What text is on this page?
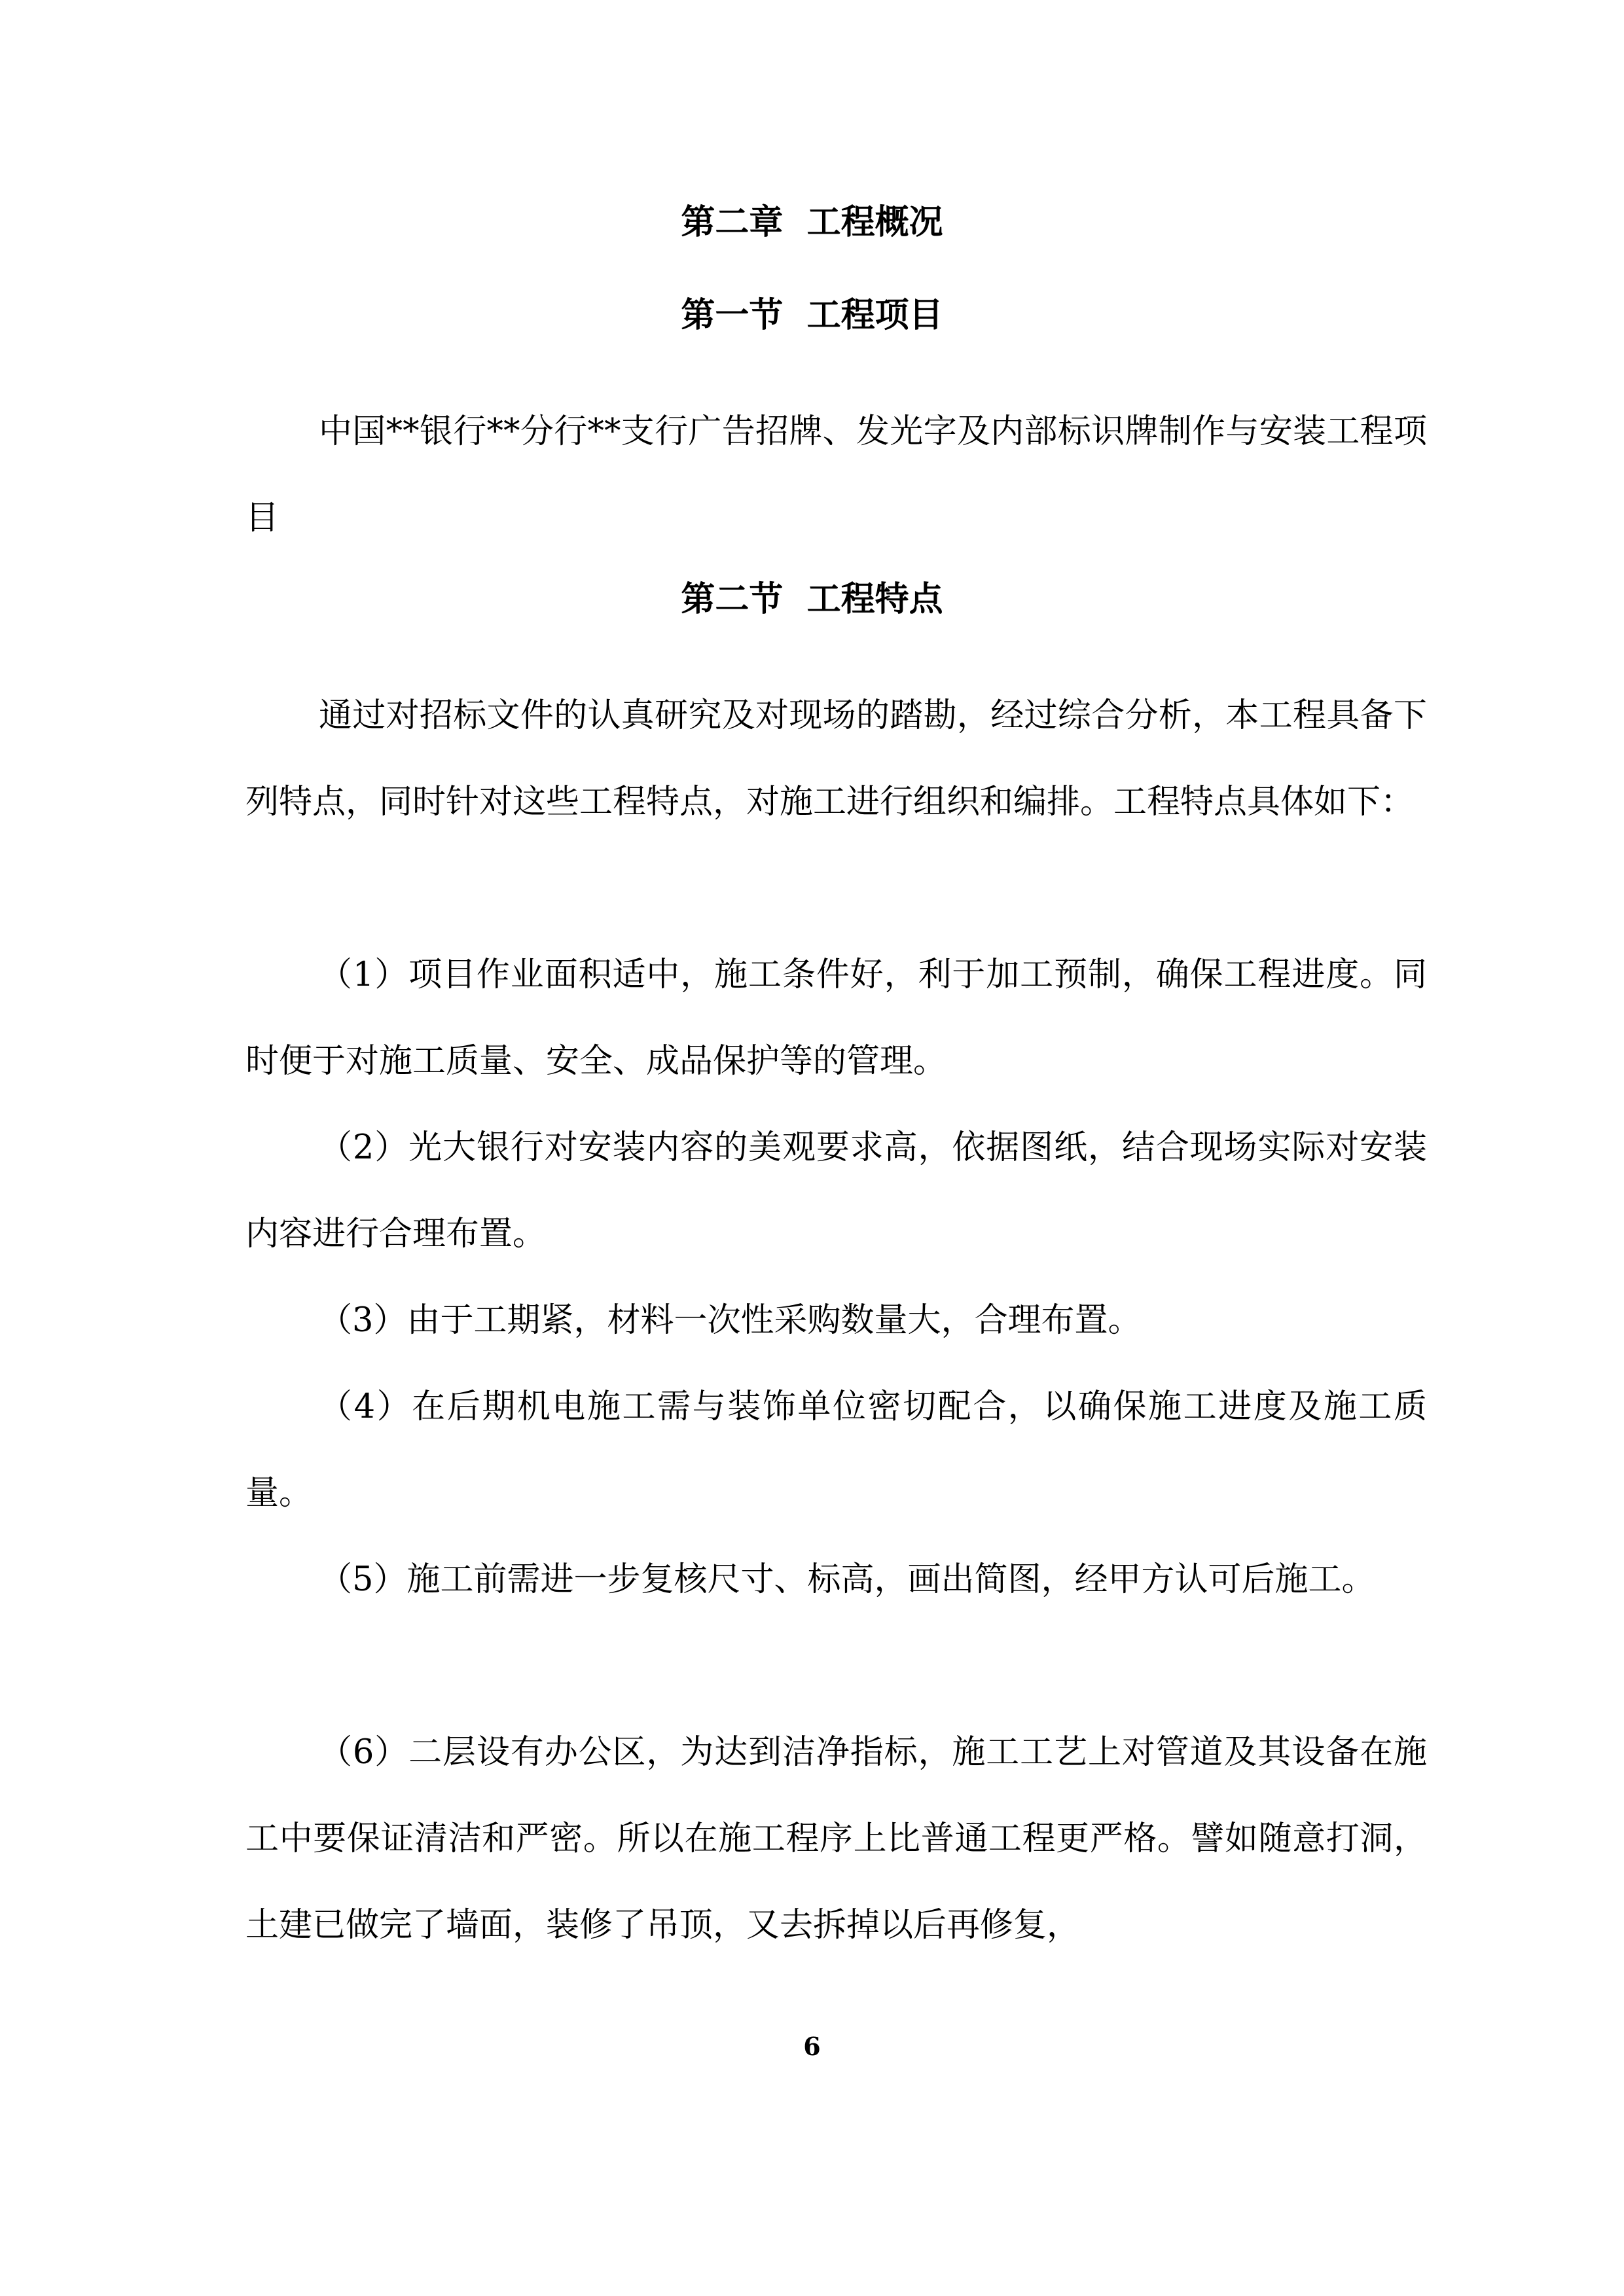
第二章  工程概况
第一节  工程项目
中国**银行**分行**支行广告招牌、发光字及内部标识牌制作与安装工程项目
第二节  工程特点
通过对招标文件的认真研究及对现场的踏勘，经过综合分析，本工程具备下列特点，同时针对这些工程特点，对施工进行组织和编排。工程特点具体如下：
（1）项目作业面积适中，施工条件好，利于加工预制，确保工程进度。同时便于对施工质量、安全、成品保护等的管理。
（2）光大银行对安装内容的美观要求高，依据图纸，结合现场实际对安装内容进行合理布置。
（3）由于工期紧，材料一次性采购数量大，合理布置。
（4）在后期机电施工需与装饰单位密切配合，以确保施工进度及施工质量。
（5）施工前需进一步复核尺寸、标高，画出简图，经甲方认可后施工。
（6）二层设有办公区，为达到洁净指标，施工工艺上对管道及其设备在施工中要保证清洁和严密。所以在施工程序上比普通工程更严格。譬如随意打洞，土建已做完了墙面，装修了吊顶，又去拆掉以后再修复，
6
